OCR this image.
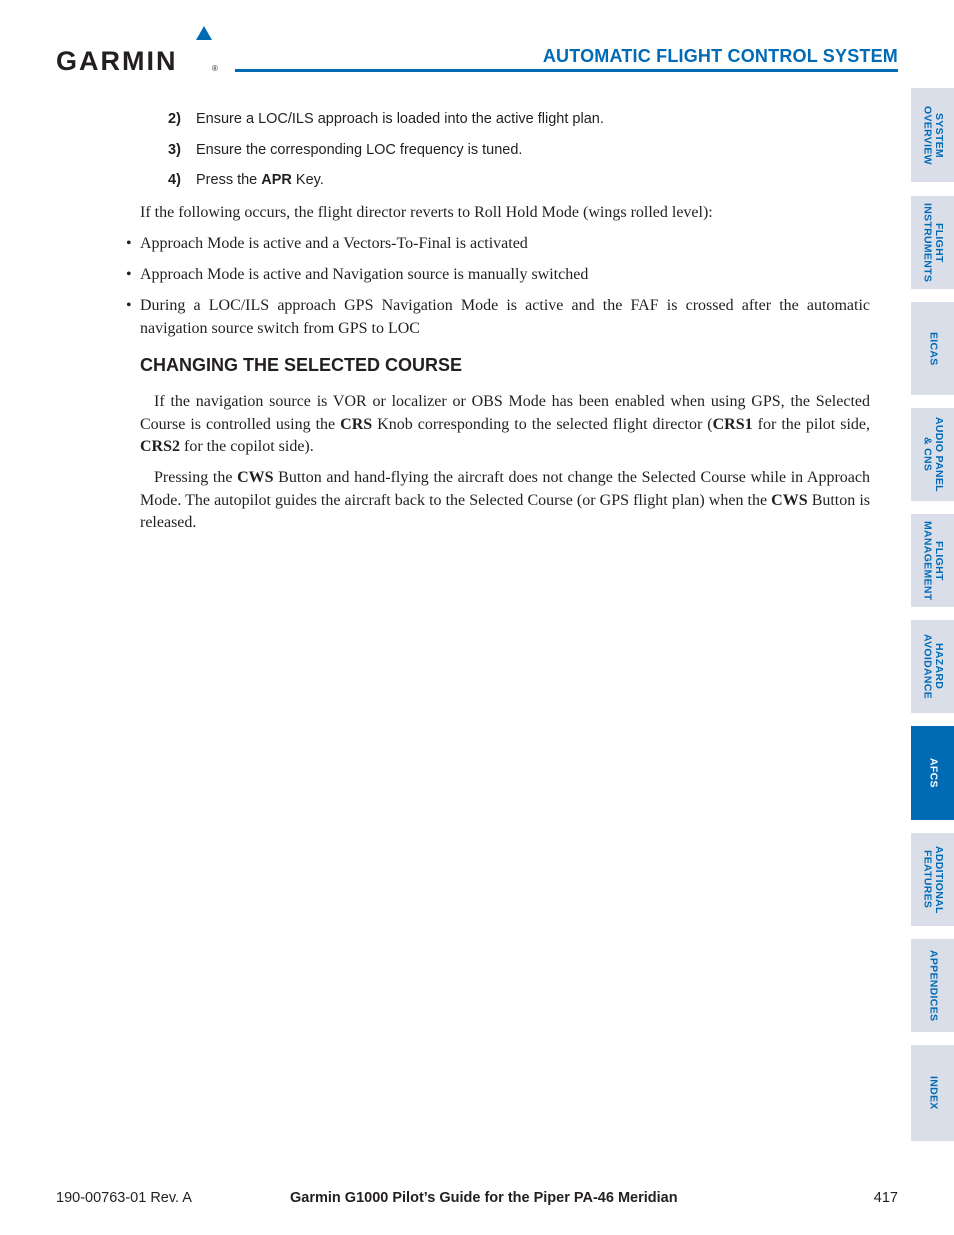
GARMIN	®
AUTOMATIC FLIGHT CONTROL SYSTEM
2) Ensure a LOC/ILS approach is loaded into the active flight plan.
3) Ensure the corresponding LOC frequency is tuned.
4) Press the APR Key.
If the following occurs, the flight director reverts to Roll Hold Mode (wings rolled level):
• Approach Mode is active and a Vectors-To-Final is activated
• Approach Mode is active and Navigation source is manually switched
• During a LOC/ILS approach GPS Navigation Mode is active and the FAF is crossed after the automatic navigation source switch from GPS to LOC
CHANGING THE SELECTED COURSE
If the navigation source is VOR or localizer or OBS Mode has been enabled when using GPS, the Selected Course is controlled using the CRS Knob corresponding to the selected flight director (CRS1 for the pilot side, CRS2 for the copilot side).
Pressing the CWS Button and hand-flying the aircraft does not change the Selected Course while in Approach Mode. The autopilot guides the aircraft back to the Selected Course (or GPS flight plan) when the CWS Button is released.
SYSTEM
OVERVIEW
FLIGHT
INSTRUMENTS
EICAS
AUDIO PANEL
& CNS
FLIGHT
MANAGEMENT
HAZARD
AVOIDANCE
AFCS
ADDITIONAL
FEATURES
APPENDICES
INDEX
190-00763-01 Rev. A	Garmin G1000 Pilot’s Guide for the Piper PA-46 Meridian	417
